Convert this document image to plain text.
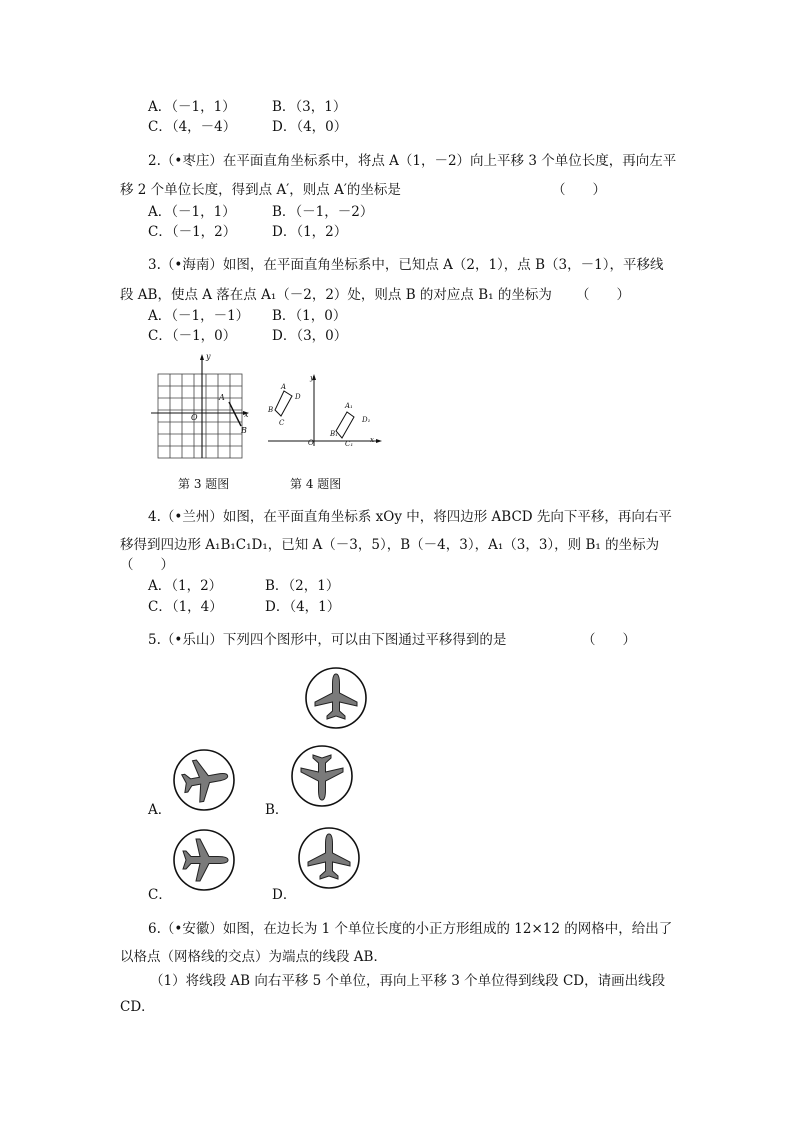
A．（－1，1）	B．（3，1）
C．（4，－4）	D．（4，0）
2.（•枣庄）在平面直角坐标系中，将点 A（1，－2）向上平移 3 个单位长度，再向左平
移 2 个单位长度，得到点 A′，则点 A′的坐标是	（　　）
A．（－1，1）	B．（－1，－2）
C．（－1，2）	D．（1，2）
3.（•海南）如图，在平面直角坐标系中，已知点 A（2，1），点 B（3，－1），平移线
段 AB，使点 A 落在点 A₁（－2，2）处，则点 B 的对应点 B₁ 的坐标为 （　　）
A．（－1，－1） B．（1，0）
C．（－1，0）	D．（3，0）
y
x
O
A
B
y
x
O
A
B
C
D
A₁
B₁
C₁
D₁
第 3 题图	第 4 题图
4.（•兰州）如图，在平面直角坐标系 xOy 中，将四边形 ABCD 先向下平移，再向右平
移得到四边形 A₁B₁C₁D₁，已知 A（－3，5），B（－4，3），A₁（3，3），则 B₁ 的坐标为
（　　）
A．（1，2）	B．（2，1）
C．（1，4）	D．（4，1）
5.（•乐山）下列四个图形中，可以由下图通过平移得到的是	（　　）
A．	B．
C．	D．
6.（•安徽）如图，在边长为 1 个单位长度的小正方形组成的 12×12 的网格中，给出了
以格点（网格线的交点）为端点的线段 AB．
（1）将线段 AB 向右平移 5 个单位，再向上平移 3 个单位得到线段 CD，请画出线段
CD．
